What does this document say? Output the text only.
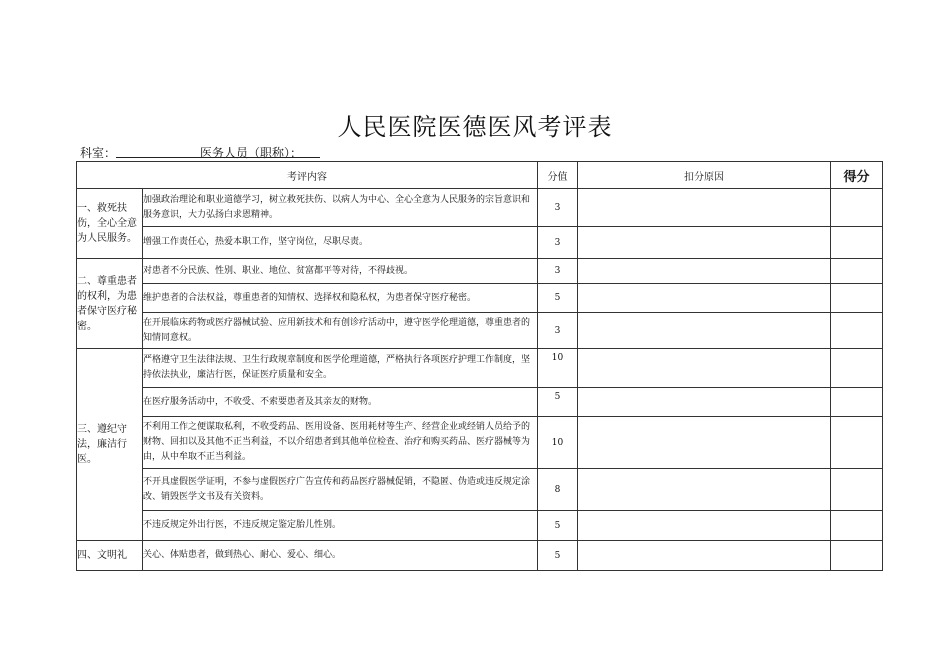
人民医院医德医风考评表
科室：	医务人员（职称）：
考评内容		分值	扣分原因	得分
一、救死扶伤，全心全意为人民服务。	加强政治理论和职业道德学习，树立救死扶伤、以病人为中心、全心全意为人民服务的宗旨意识和服务意识，大力弘扬白求恩精神。	3		
	增强工作责任心，热爱本职工作，坚守岗位，尽职尽责。	3		
二、尊重患者的权利，为患者保守医疗秘密。	对患者不分民族、性别、职业、地位、贫富都平等对待，不得歧视。	3		
	维护患者的合法权益，尊重患者的知情权、选择权和隐私权，为患者保守医疗秘密。	5		
	在开展临床药物或医疗器械试验、应用新技术和有创诊疗活动中，遵守医学伦理道德，尊重患者的知情同意权。	3		
三、遵纪守法，廉洁行医。	严格遵守卫生法律法规、卫生行政规章制度和医学伦理道德，严格执行各项医疗护理工作制度，坚持依法执业，廉洁行医，保证医疗质量和安全。	10		
	在医疗服务活动中，不收受、不索要患者及其亲友的财物。	5		
	不利用工作之便谋取私利，不收受药品、医用设备、医用耗材等生产、经营企业或经销人员给予的财物、回扣以及其他不正当利益，不以介绍患者到其他单位检查、治疗和购买药品、医疗器械等为由，从中牟取不正当利益。	10		
	不开具虚假医学证明，不参与虚假医疗广告宣传和药品医疗器械促销，不隐匿、伪造或违反规定涂改、销毁医学文书及有关资料。	8		
	不违反规定外出行医，不违反规定鉴定胎儿性别。	5		
四、文明礼	关心、体贴患者，做到热心、耐心、爱心、细心。	5		
